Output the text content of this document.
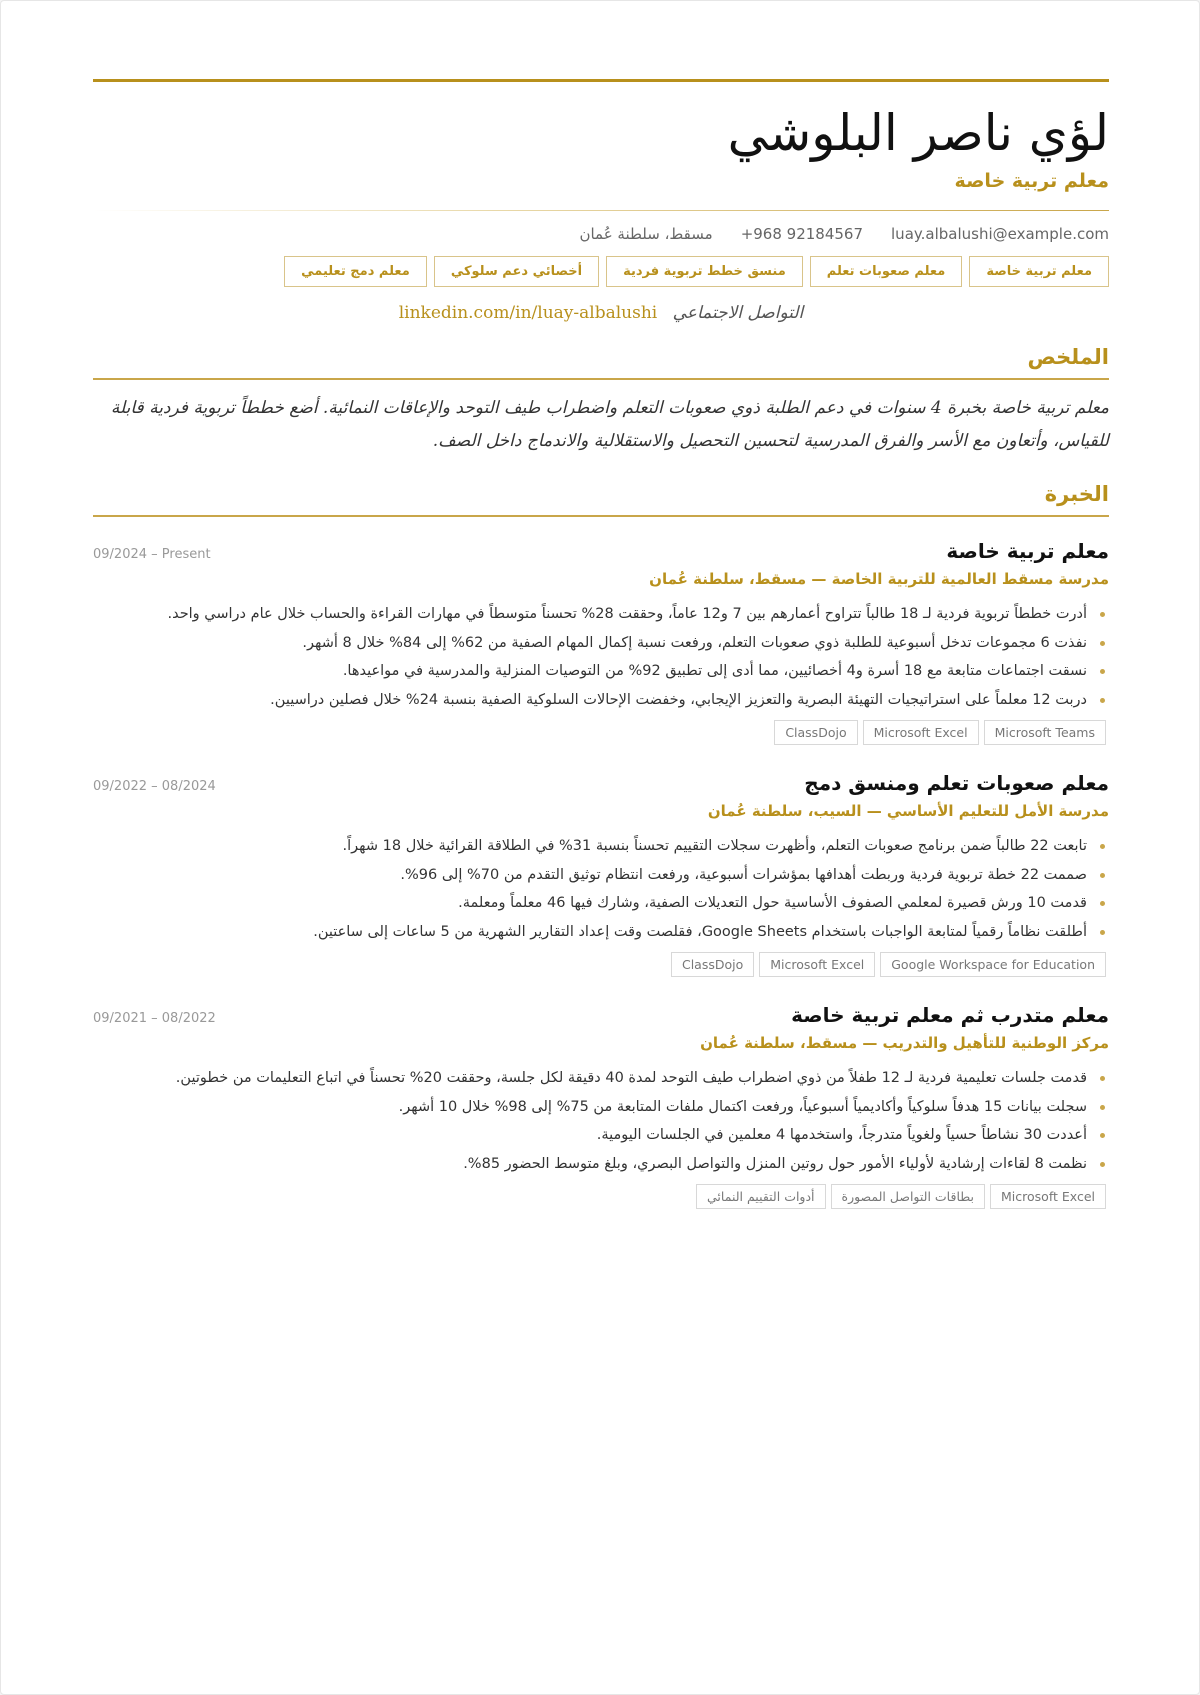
لؤي ناصر البلوشي
معلم تربية خاصة
luay.albalushi@example.com
+968 92184567
مسقط، سلطنة عُمان
معلم تربية خاصة
معلم صعوبات تعلم
منسق خطط تربوية فردية
أخصائي دعم سلوكي
معلم دمج تعليمي
التواصل الاجتماعي linkedin.com/in/luay-albalushi
الملخص
معلم تربية خاصة بخبرة 4 سنوات في دعم الطلبة ذوي صعوبات التعلم واضطراب طيف التوحد والإعاقات النمائية. أضع خططاً تربوية فردية قابلة للقياس، وأتعاون مع الأسر والفرق المدرسية لتحسين التحصيل والاستقلالية والاندماج داخل الصف.
الخبرة
معلم تربية خاصة
09/2024 – Present
مدرسة مسقط العالمية للتربية الخاصة — مسقط، سلطنة عُمان
أدرت خططاً تربوية فردية لـ 18 طالباً تتراوح أعمارهم بين 7 و12 عاماً، وحققت 28% تحسناً متوسطاً في مهارات القراءة والحساب خلال عام دراسي واحد.
نفذت 6 مجموعات تدخل أسبوعية للطلبة ذوي صعوبات التعلم، ورفعت نسبة إكمال المهام الصفية من 62% إلى 84% خلال 8 أشهر.
نسقت اجتماعات متابعة مع 18 أسرة و4 أخصائيين، مما أدى إلى تطبيق 92% من التوصيات المنزلية والمدرسية في مواعيدها.
دربت 12 معلماً على استراتيجيات التهيئة البصرية والتعزيز الإيجابي، وخفضت الإحالات السلوكية الصفية بنسبة 24% خلال فصلين دراسيين.
Microsoft Teams
Microsoft Excel
ClassDojo
معلم صعوبات تعلم ومنسق دمج
09/2022 – 08/2024
مدرسة الأمل للتعليم الأساسي — السيب، سلطنة عُمان
تابعت 22 طالباً ضمن برنامج صعوبات التعلم، وأظهرت سجلات التقييم تحسناً بنسبة 31% في الطلاقة القرائية خلال 18 شهراً.
صممت 22 خطة تربوية فردية وربطت أهدافها بمؤشرات أسبوعية، ورفعت انتظام توثيق التقدم من 70% إلى 96%.
قدمت 10 ورش قصيرة لمعلمي الصفوف الأساسية حول التعديلات الصفية، وشارك فيها 46 معلماً ومعلمة.
أطلقت نظاماً رقمياً لمتابعة الواجبات باستخدام Google Sheets، فقلصت وقت إعداد التقارير الشهرية من 5 ساعات إلى ساعتين.
Google Workspace for Education
Microsoft Excel
ClassDojo
معلم متدرب ثم معلم تربية خاصة
09/2021 – 08/2022
مركز الوطنية للتأهيل والتدريب — مسقط، سلطنة عُمان
قدمت جلسات تعليمية فردية لـ 12 طفلاً من ذوي اضطراب طيف التوحد لمدة 40 دقيقة لكل جلسة، وحققت 20% تحسناً في اتباع التعليمات من خطوتين.
سجلت بيانات 15 هدفاً سلوكياً وأكاديمياً أسبوعياً، ورفعت اكتمال ملفات المتابعة من 75% إلى 98% خلال 10 أشهر.
أعددت 30 نشاطاً حسياً ولغوياً متدرجاً، واستخدمها 4 معلمين في الجلسات اليومية.
نظمت 8 لقاءات إرشادية لأولياء الأمور حول روتين المنزل والتواصل البصري، وبلغ متوسط الحضور 85%.
Microsoft Excel
بطاقات التواصل المصورة
أدوات التقييم النمائي
